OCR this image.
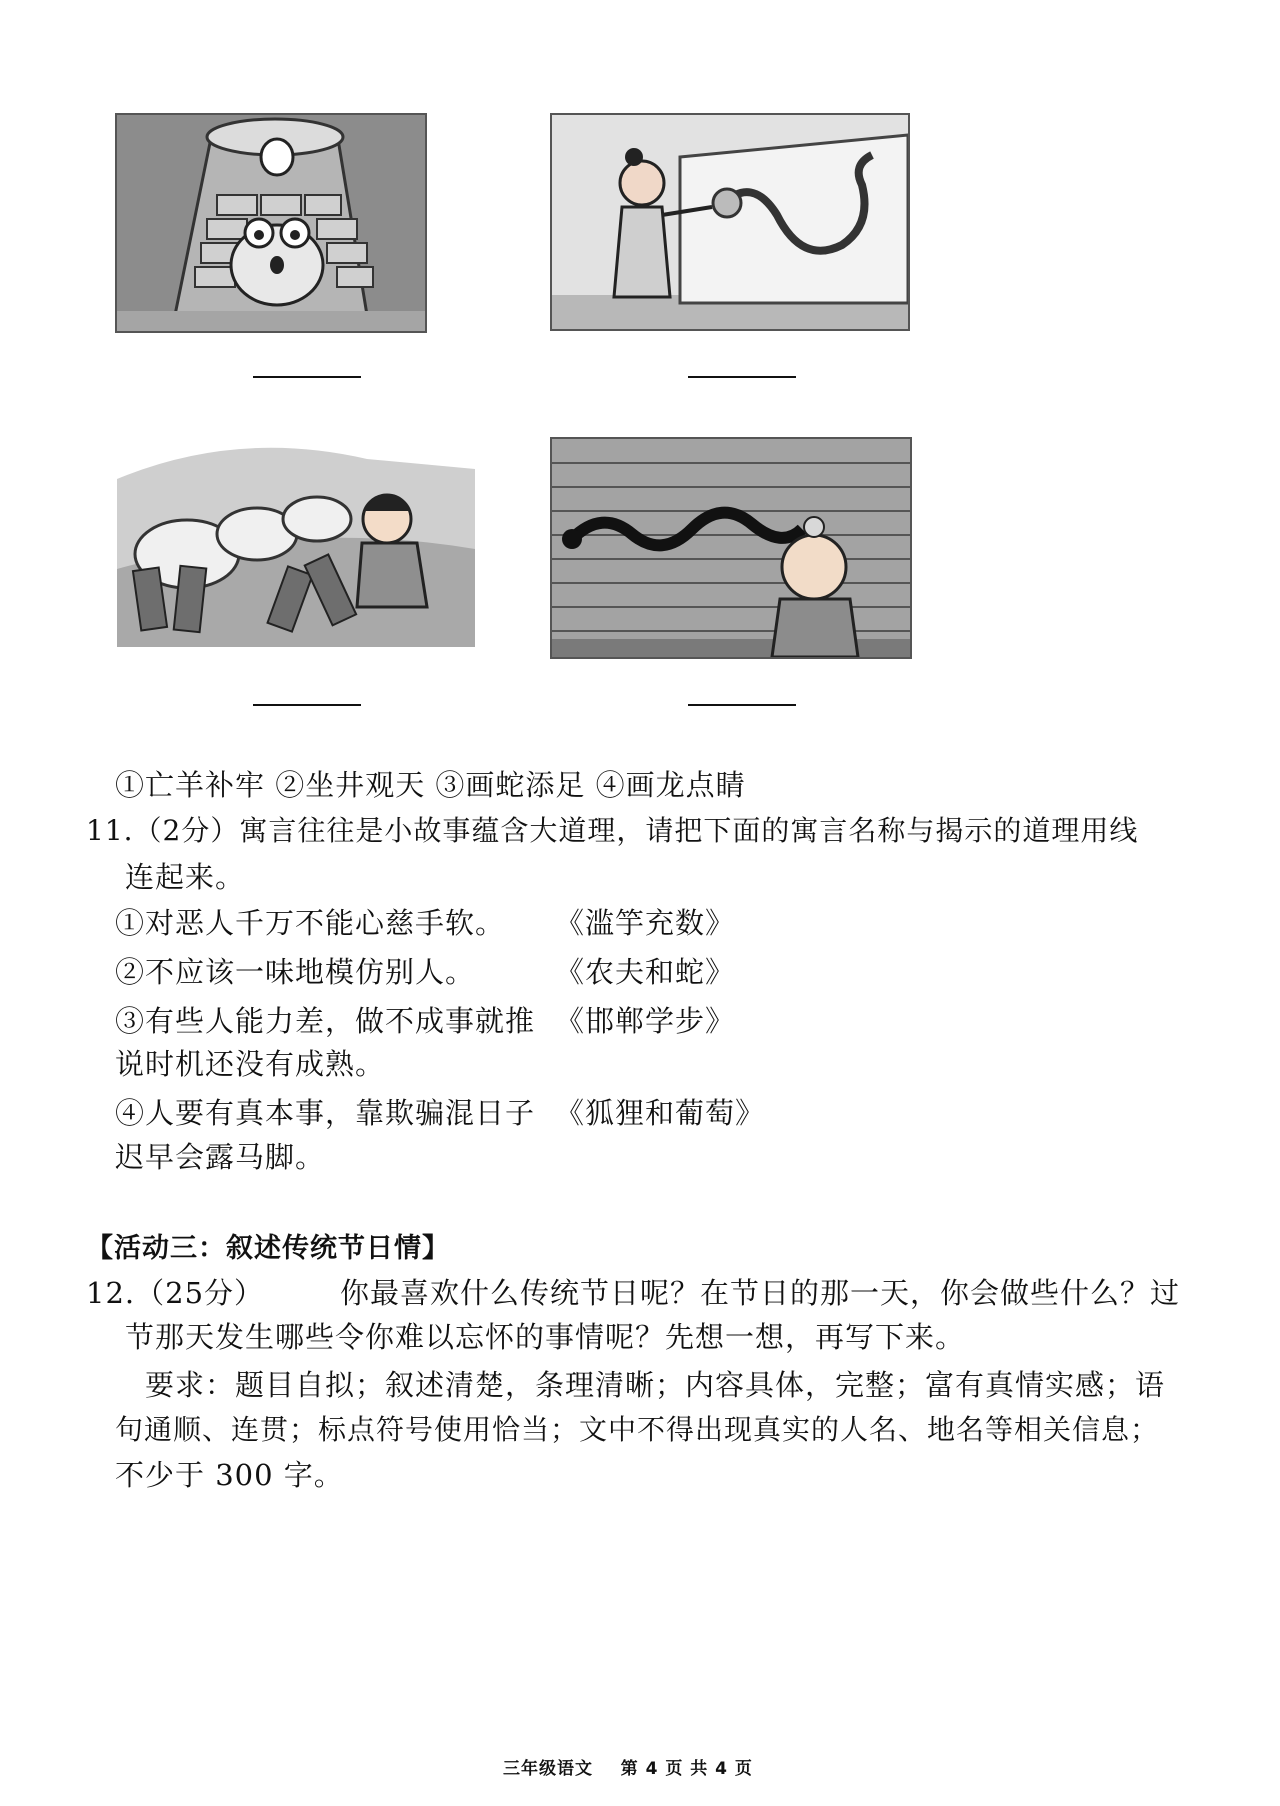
①亡羊补牢 ②坐井观天 ③画蛇添足 ④画龙点睛
11.（2分）寓言往往是小故事蕴含大道理，请把下面的寓言名称与揭示的道理用线
连起来。
①对恶人千万不能心慈手软。 《滥竽充数》
②不应该一味地模仿别人。	《农夫和蛇》
③有些人能力差，做不成事就推 《邯郸学步》
说时机还没有成熟。
④人要有真本事，靠欺骗混日子 《狐狸和葡萄》
迟早会露马脚。
【活动三：叙述传统节日情】
12.（25分）	你最喜欢什么传统节日呢？在节日的那一天，你会做些什么？过
节那天发生哪些令你难以忘怀的事情呢？先想一想，再写下来。
要求：题目自拟；叙述清楚，条理清晰；内容具体，完整；富有真情实感；语
句通顺、连贯；标点符号使用恰当；文中不得出现真实的人名、地名等相关信息；
不少于 300 字。
三年级语文    第 4 页 共 4 页
